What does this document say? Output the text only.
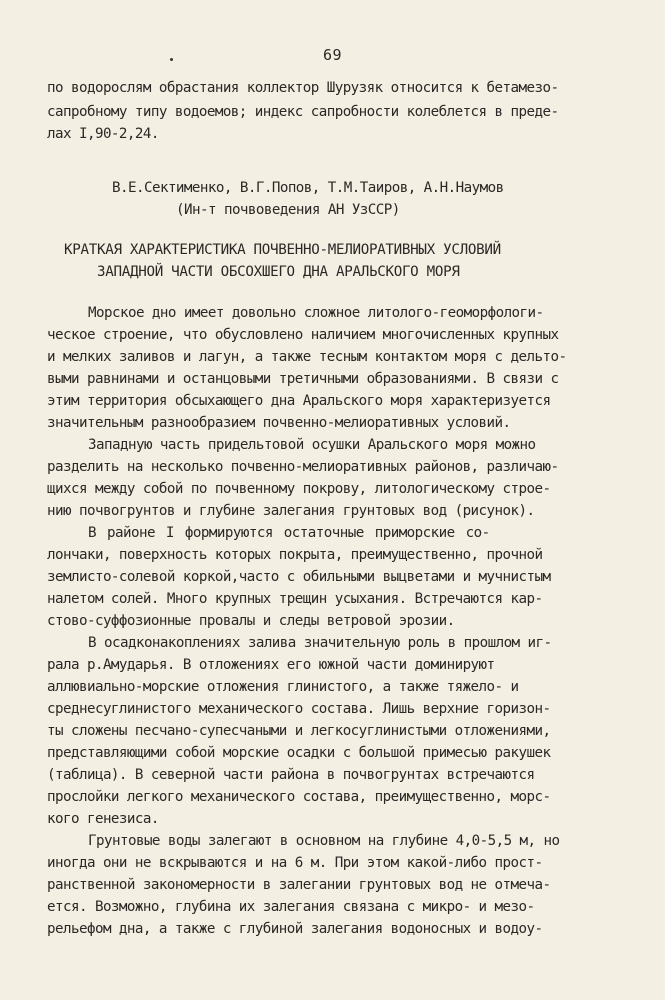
69
по водорослям обрастания коллектор Шурузяк относится к бетамезо-
сапробному типу водоемов; индекс сапробности колеблется в преде-
лах I,90-2,24.
В.Е.Сектименко, В.Г.Попов, Т.М.Таиров, А.Н.Наумов
(Ин-т почвоведения АН УзССР)
КРАТКАЯ ХАРАКТЕРИСТИКА ПОЧВЕННО-МЕЛИОРАТИВНЫХ УСЛОВИЙ
ЗАПАДНОЙ ЧАСТИ ОБСОХШЕГО ДНА АРАЛЬСКОГО МОРЯ
Морское дно имеет довольно сложное литолого-геоморфологи-
ческое строение, что обусловлено наличием многочисленных крупных
и мелких заливов и лагун, а также тесным контактом моря с дельто-
выми равнинами и останцовыми третичными образованиями. В связи с
этим территория обсыхающего дна Аральского моря характеризуется
значительным разнообразием почвенно-мелиоративных условий.
Западную часть придельтовой осушки Аральского моря можно
разделить на несколько почвенно-мелиоративных районов, различаю-
щихся между собой по почвенному покрову, литологическому строе-
нию почвогрунтов и глубине залегания грунтовых вод (рисунок).
В районе I формируются остаточные приморские со-
лончаки, поверхность которых покрыта, преимущественно, прочной
землисто-солевой коркой,часто с обильными выцветами и мучнистым
налетом солей. Много крупных трещин усыхания. Встречаются кар-
стово-суффозионные провалы и следы ветровой эрозии.
В осадконакоплениях залива значительную роль в прошлом иг-
рала р.Амударья. В отложениях его южной части доминируют
аллювиально-морские отложения глинистого, а также тяжело- и
среднесуглинистого механического состава. Лишь верхние горизон-
ты сложены песчано-супесчаными и легкосуглинистыми отложениями,
представляющими собой морские осадки с большой примесью ракушек
(таблица). В северной части района в почвогрунтах встречаются
прослойки легкого механического состава, преимущественно, морс-
кого генезиса.
Грунтовые воды залегают в основном на глубине 4,0-5,5 м, но
иногда они не вскрываются и на 6 м. При этом какой-либо прост-
ранственной закономерности в залегании грунтовых вод не отмеча-
ется. Возможно, глубина их залегания связана с микро- и мезо-
рельефом дна, а также с глубиной залегания водоносных и водоу-
